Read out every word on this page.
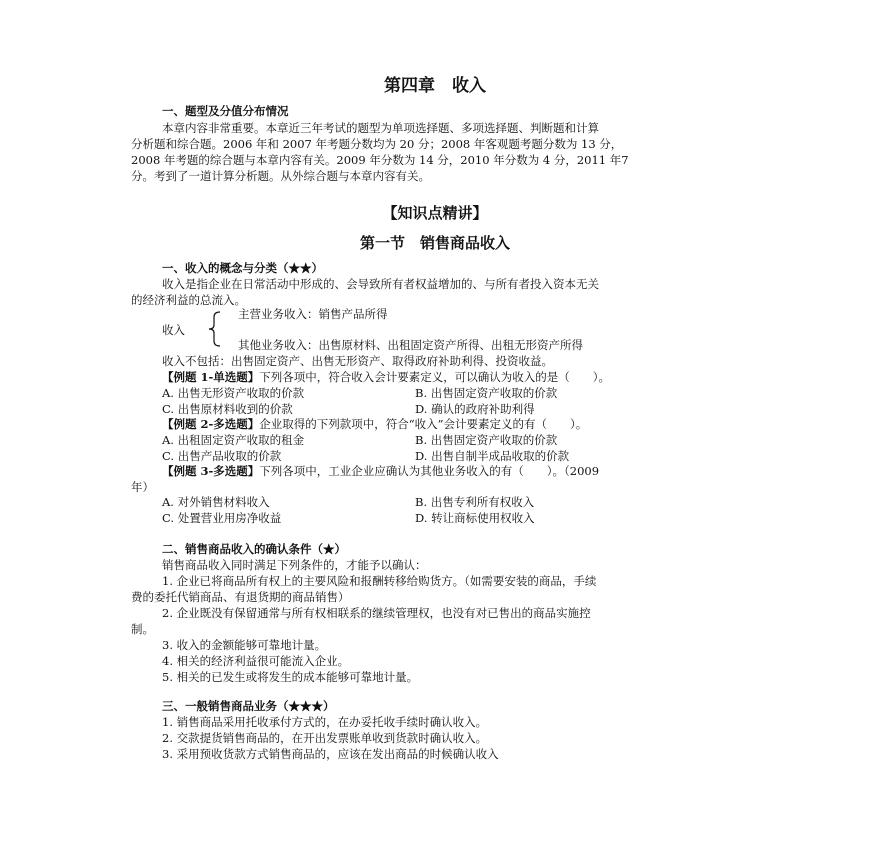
第四章　收入
一、题型及分值分布情况
本章内容非常重要。本章近三年考试的题型为单项选择题、多项选择题、判断题和计算
分析题和综合题。2006 年和 2007 年考题分数均为 20 分；2008 年客观题考题分数为 13 分，
2008 年考题的综合题与本章内容有关。2009 年分数为 14 分，2010 年分数为 4 分，2011 年7
分。考到了一道计算分析题。从外综合题与本章内容有关。
【知识点精讲】
第一节　销售商品收入
一、收入的概念与分类（★★）
收入是指企业在日常活动中形成的、会导致所有者权益增加的、与所有者投入资本无关
的经济利益的总流入。
主营业务收入：销售产品所得
收入
其他业务收入：出售原材料、出租固定资产所得、出租无形资产所得
收入不包括：出售固定资产、出售无形资产、取得政府补助利得、投资收益。
【例题 1-单选题】下列各项中，符合收入会计要素定义，可以确认为收入的是（　　）。
A. 出售无形资产收取的价款	B. 出售固定资产收取的价款
C. 出售原材料收到的价款	D. 确认的政府补助利得
【例题 2-多选题】企业取得的下列款项中，符合“收入”会计要素定义的有（　　）。
A. 出租固定资产收取的租金	B. 出售固定资产收取的价款
C. 出售产品收取的价款	D. 出售自制半成品收取的价款
【例题 3-多选题】下列各项中，工业企业应确认为其他业务收入的有（　　）。（2009
年）
A. 对外销售材料收入	B. 出售专利所有权收入
C. 处置营业用房净收益	D. 转让商标使用权收入
二、销售商品收入的确认条件（★）
销售商品收入同时满足下列条件的，才能予以确认：
1. 企业已将商品所有权上的主要风险和报酬转移给购货方。（如需要安装的商品，手续
费的委托代销商品、有退货期的商品销售）
2. 企业既没有保留通常与所有权相联系的继续管理权，也没有对已售出的商品实施控
制。
3. 收入的金额能够可靠地计量。
4. 相关的经济利益很可能流入企业。
5. 相关的已发生或将发生的成本能够可靠地计量。
三、一般销售商品业务（★★★）
1. 销售商品采用托收承付方式的，在办妥托收手续时确认收入。
2. 交款提货销售商品的，在开出发票账单收到货款时确认收入。
3. 采用预收货款方式销售商品的，应该在发出商品的时候确认收入
